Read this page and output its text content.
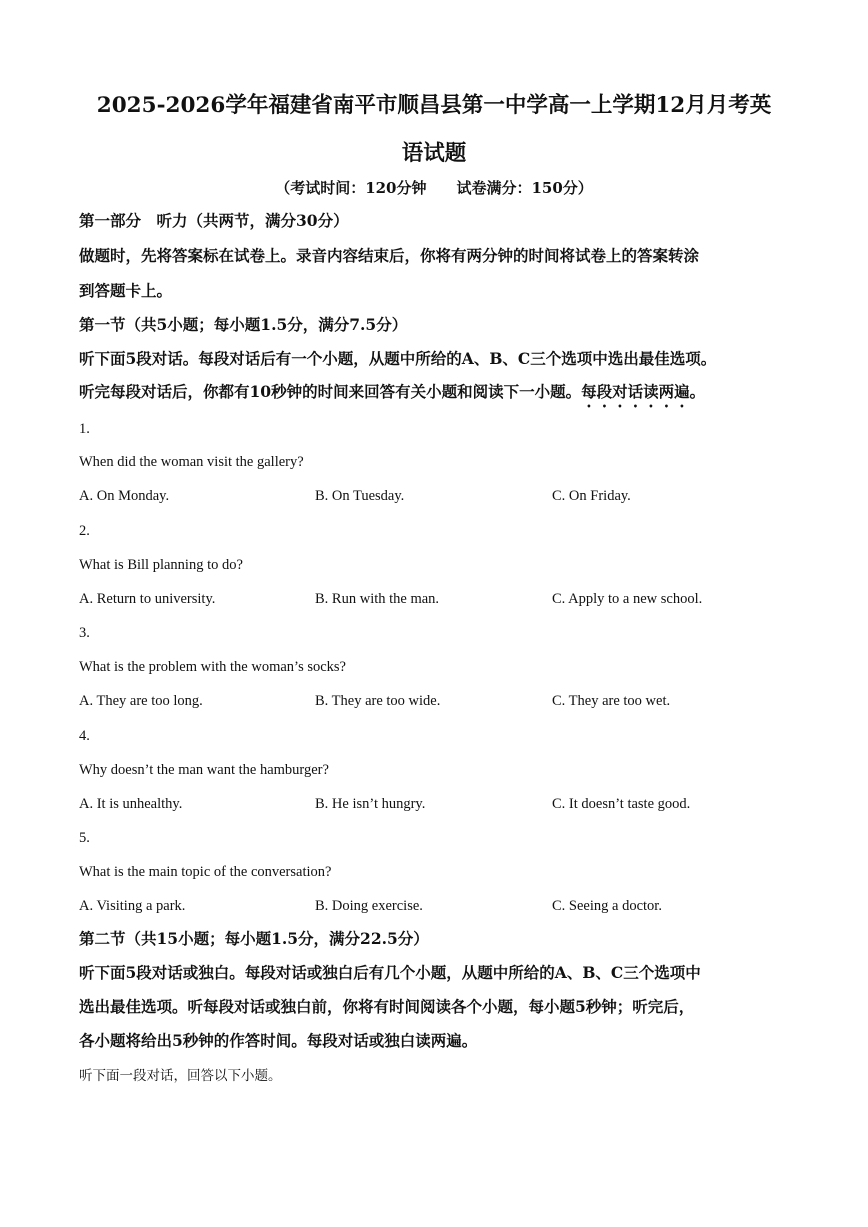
2025-2026学年福建省南平市顺昌县第一中学高一上学期12月月考英
语试题
（考试时间：120分钟　　试卷满分：150分）
第一部分　听力（共两节，满分30分）
做题时，先将答案标在试卷上。录音内容结束后，你将有两分钟的时间将试卷上的答案转涂
到答题卡上。
第一节（共5小题；每小题1.5分，满分7.5分）
听下面5段对话。每段对话后有一个小题，从题中所给的A、B、C三个选项中选出最佳选项。
听完每段对话后，你都有10秒钟的时间来回答有关小题和阅读下一小题。每段对话读两遍。
1.
When did the woman visit the gallery?
A. On Monday.	B. On Tuesday.	C. On Friday.
2.
What is Bill planning to do?
A. Return to university.	B. Run with the man.	C. Apply to a new school.
3.
What is the problem with the woman’s socks?
A. They are too long.	B. They are too wide.	C. They are too wet.
4.
Why doesn’t the man want the hamburger?
A. It is unhealthy.	B. He isn’t hungry.	C. It doesn’t taste good.
5.
What is the main topic of the conversation?
A. Visiting a park.	B. Doing exercise.	C. Seeing a doctor.
第二节（共15小题；每小题1.5分，满分22.5分）
听下面5段对话或独白。每段对话或独白后有几个小题，从题中所给的A、B、C三个选项中
选出最佳选项。听每段对话或独白前，你将有时间阅读各个小题，每小题5秒钟；听完后，
各小题将给出5秒钟的作答时间。每段对话或独白读两遍。
听下面一段对话，回答以下小题。
